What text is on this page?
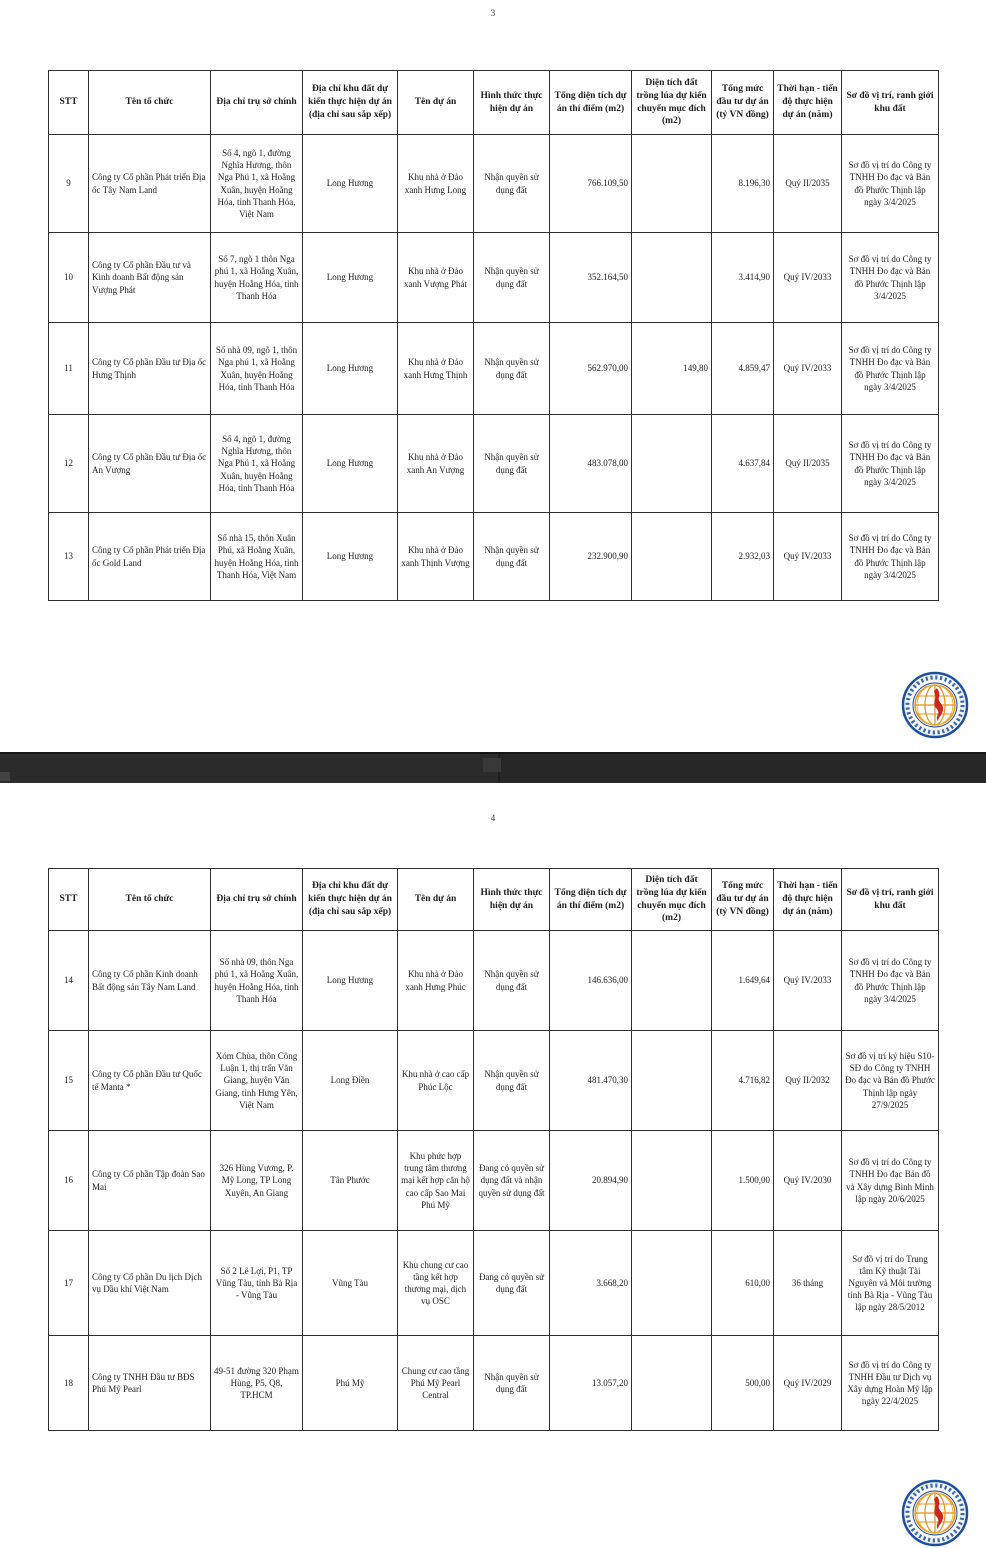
3
STT	Tên tổ chức	Địa chỉ trụ sở chính	Địa chỉ khu đất dự kiến thực hiện dự án (địa chỉ sau sắp xếp)	Tên dự án	Hình thức thực hiện dự án	Tổng diện tích dự án thí điểm (m2)	Diện tích đất trồng lúa dự kiến chuyển mục đích (m2)	Tổng mức đầu tư dự án (tỷ VN đồng)	Thời hạn - tiến độ thực hiện dự án (năm)	Sơ đồ vị trí, ranh giới khu đất
9	Công ty Cổ phần Phát triển Địa ốc Tây Nam Land	Số 4, ngõ 1, đường Nghĩa Hương, thôn Nga Phú 1, xã Hoằng Xuân, huyện Hoằng Hóa, tỉnh Thanh Hóa, Việt Nam	Long Hương	Khu nhà ở Đảo xanh Hưng Long	Nhận quyền sử dụng đất	766.109,50		8.196,30	Quý II/2035	Sơ đồ vị trí do Công ty TNHH Đo đạc và Bản đồ Phước Thịnh lập ngày 3/4/2025
10	Công ty Cổ phần Đầu tư và Kinh doanh Bất động sản Vượng Phát	Số 7, ngõ 1 thôn Nga phú 1, xã Hoằng Xuân, huyện Hoằng Hóa, tỉnh Thanh Hóa	Long Hương	Khu nhà ở Đảo xanh Vượng Phát	Nhận quyền sử dụng đất	352.164,50		3.414,90	Quý IV/2033	Sơ đồ vị trí do Công ty TNHH Đo đạc và Bản đồ Phước Thịnh lập 3/4/2025
11	Công ty Cổ phần Đầu tư Địa ốc Hưng Thịnh	Số nhà 09, ngõ 1, thôn Nga phú 1, xã Hoằng Xuân, huyện Hoằng Hóa, tỉnh Thanh Hóa	Long Hương	Khu nhà ở Đảo xanh Hưng Thịnh	Nhận quyền sử dụng đất	562.970,00	149,80	4.859,47	Quý IV/2033	Sơ đồ vị trí do Công ty TNHH Đo đạc và Bản đồ Phước Thịnh lập ngày 3/4/2025
12	Công ty Cổ phần Đầu tư Địa ốc An Vượng	Số 4, ngõ 1, đường Nghĩa Hương, thôn Nga Phú 1, xã Hoằng Xuân, huyện Hoằng Hóa, tỉnh Thanh Hóa	Long Hương	Khu nhà ở Đảo xanh An Vượng	Nhận quyền sử dụng đất	483.078,00		4.637,84	Quý II/2035	Sơ đồ vị trí do Công ty TNHH Đo đạc và Bản đồ Phước Thịnh lập ngày 3/4/2025
13	Công ty Cổ phần Phát triển Địa ốc Gold Land	Số nhà 15, thôn Xuân Phú, xã Hoằng Xuân, huyện Hoằng Hóa, tỉnh Thanh Hóa, Việt Nam	Long Hương	Khu nhà ở Đảo xanh Thịnh Vượng	Nhận quyền sử dụng đất	232.900,90		2.932,03	Quý IV/2033	Sơ đồ vị trí do Công ty TNHH Đo đạc và Bản đồ Phước Thịnh lập ngày 3/4/2025
4
STT	Tên tổ chức	Địa chỉ trụ sở chính	Địa chỉ khu đất dự kiến thực hiện dự án (địa chỉ sau sắp xếp)	Tên dự án	Hình thức thực hiện dự án	Tổng diện tích dự án thí điểm (m2)	Diện tích đất trồng lúa dự kiến chuyển mục đích (m2)	Tổng mức đầu tư dự án (tỷ VN đồng)	Thời hạn - tiến độ thực hiện dự án (năm)	Sơ đồ vị trí, ranh giới khu đất
14	Công ty Cổ phần Kinh doanh Bất động sản Tây Nam Land	Số nhà 09, thôn Nga phú 1, xã Hoằng Xuân, huyện Hoằng Hóa, tỉnh Thanh Hóa	Long Hương	Khu nhà ở Đảo xanh Hưng Phúc	Nhận quyền sử dụng đất	146.636,00		1.649,64	Quý IV/2033	Sơ đồ vị trí do Công ty TNHH Đo đạc và Bản đồ Phước Thịnh lập ngày 3/4/2025
15	Công ty Cổ phần Đầu tư Quốc tế Manta *	Xóm Chùa, thôn Công Luận 1, thị trấn Văn Giang, huyện Văn Giang, tỉnh Hưng Yên, Việt Nam	Long Điền	Khu nhà ở cao cấp Phúc Lộc	Nhận quyền sử dụng đất	481.470,30		4.716,82	Quý II/2032	Sơ đồ vị trí ký hiệu S10-SĐ do Công ty TNHH Đo đạc và Bản đồ Phước Thịnh lập ngày 27/9/2025
16	Công ty Cổ phần Tập đoàn Sao Mai	326 Hùng Vương, P. Mỹ Long, TP Long Xuyên, An Giang	Tân Phước	Khu phức hợp trung tâm thương mại kết hợp căn hộ cao cấp Sao Mai Phú Mỹ	Đang có quyền sử dụng đất và nhận quyền sử dụng đất	20.894,90		1.500,00	Quý IV/2030	Sơ đồ vị trí do Công ty TNHH Đo đạc Bản đồ và Xây dựng Bình Minh lập ngày 20/6/2025
17	Công ty Cổ phần Du lịch Dịch vụ Dầu khí Việt Nam	Số 2 Lê Lợi, P1, TP Vũng Tàu, tỉnh Bà Rịa - Vũng Tàu	Vũng Tàu	Khu chung cư cao tầng kết hợp thương mại, dịch vụ OSC	Đang có quyền sử dụng đất	3.668,20		610,00	36 tháng	Sơ đồ vị trí do Trung tâm Kỹ thuật Tài Nguyên và Môi trường tỉnh Bà Rịa - Vũng Tàu lập ngày 28/5/2012
18	Công ty TNHH Đầu tư BĐS Phú Mỹ Pearl	49-51 đường 320 Phạm Hùng, P5, Q8, TP.HCM	Phú Mỹ	Chung cư cao tầng Phú Mỹ Pearl Central	Nhận quyền sử dụng đất	13.057,20		500,00	Quý IV/2029	Sơ đồ vị trí do Công ty TNHH Đầu tư Dịch vụ Xây dựng Hoàn Mỹ lập ngày 22/4/2025
